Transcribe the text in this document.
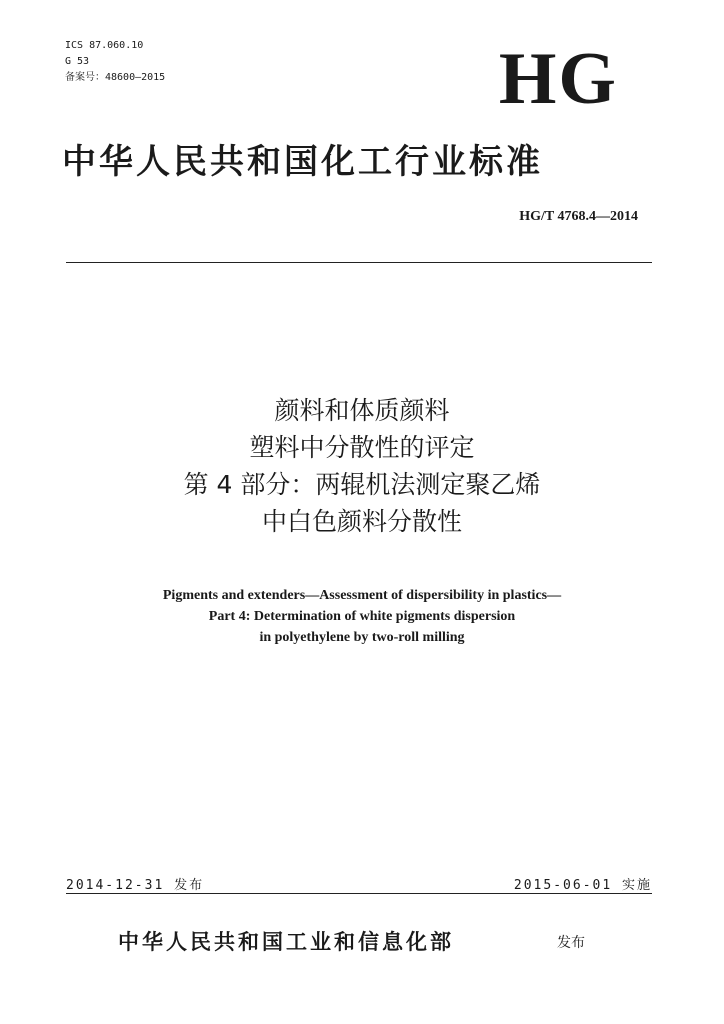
ICS 87.060.10
G 53
备案号：48600—2015	HG
中华人民共和国化工行业标准
HG/T 4768.4—2014
颜料和体质颜料
塑料中分散性的评定
第 4 部分：两辊机法测定聚乙烯
中白色颜料分散性
Pigments and extenders—Assessment of dispersibility in plastics—
Part 4: Determination of white pigments dispersion
in polyethylene by two-roll milling
2014-12-31 发布	2015-06-01 实施
中华人民共和国工业和信息化部	发布
